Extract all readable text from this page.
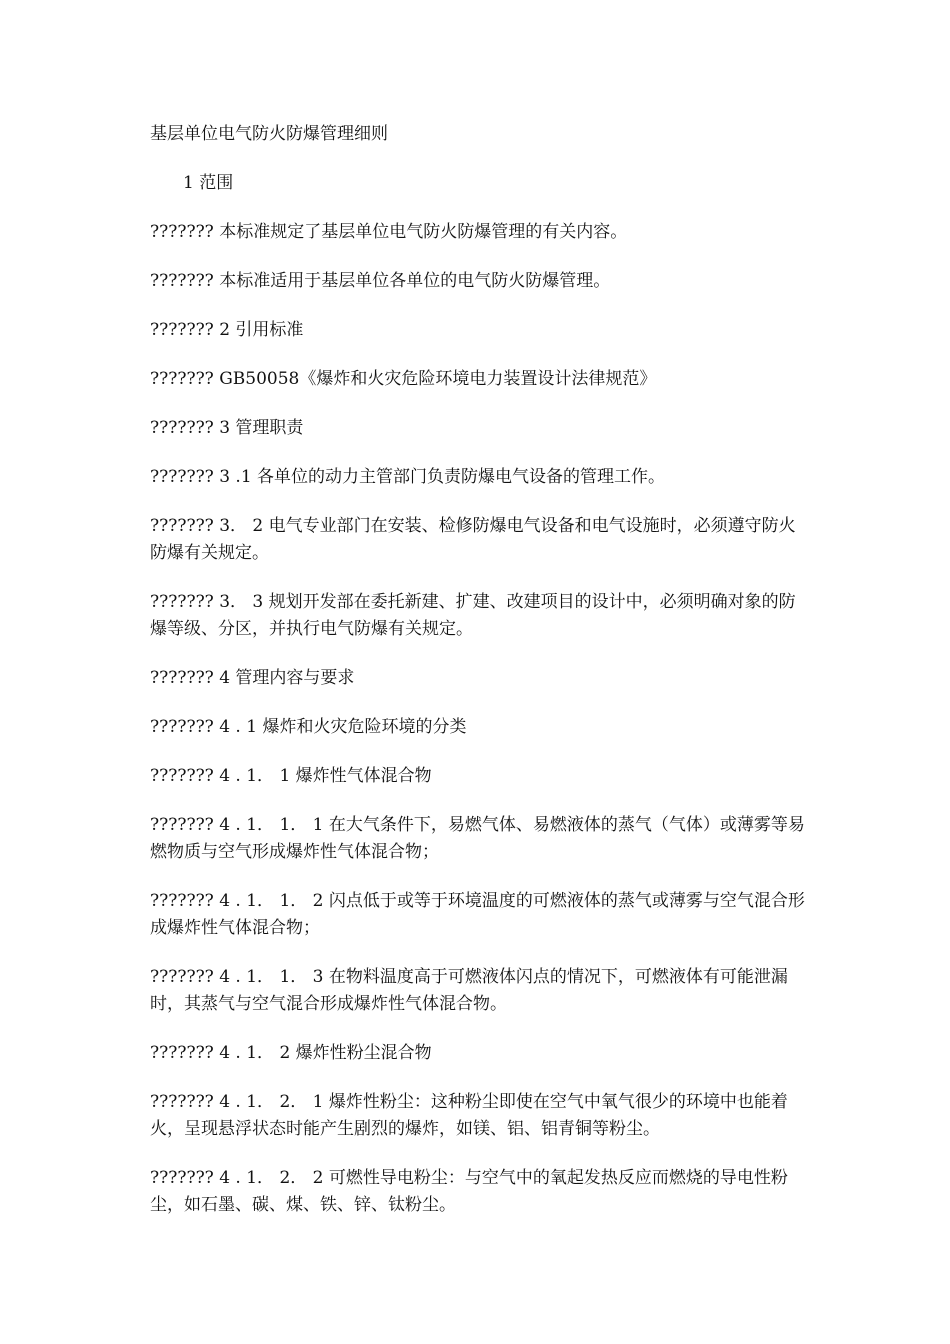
基层单位电气防火防爆管理细则

1 范围

??????? 本标准规定了基层单位电气防火防爆管理的有关内容。

??????? 本标准适用于基层单位各单位的电气防火防爆管理。

??????? 2 引用标准

??????? GB50058《爆炸和火灾危险环境电力装置设计法律规范》

??????? 3 管理职责

??????? 3 .1 各单位的动力主管部门负责防爆电气设备的管理工作。

??????? 3． 2 电气专业部门在安装、检修防爆电气设备和电气设施时，必须遵守防火防爆有关规定。

??????? 3． 3 规划开发部在委托新建、扩建、改建项目的设计中，必须明确对象的防爆等级、分区，并执行电气防爆有关规定。

??????? 4 管理内容与要求

??????? 4 . 1 爆炸和火灾危险环境的分类

??????? 4 . 1． 1 爆炸性气体混合物

??????? 4 . 1． 1． 1 在大气条件下，易燃气体、易燃液体的蒸气（气体）或薄雾等易燃物质与空气形成爆炸性气体混合物；

??????? 4 . 1． 1． 2 闪点低于或等于环境温度的可燃液体的蒸气或薄雾与空气混合形成爆炸性气体混合物；

??????? 4 . 1． 1． 3 在物料温度高于可燃液体闪点的情况下，可燃液体有可能泄漏时，其蒸气与空气混合形成爆炸性气体混合物。

??????? 4 . 1． 2 爆炸性粉尘混合物

??????? 4 . 1． 2． 1 爆炸性粉尘：这种粉尘即使在空气中氧气很少的环境中也能着火，呈现悬浮状态时能产生剧烈的爆炸，如镁、铝、铝青铜等粉尘。

??????? 4 . 1． 2． 2 可燃性导电粉尘：与空气中的氧起发热反应而燃烧的导电性粉尘，如石墨、碳、煤、铁、锌、钛粉尘。
